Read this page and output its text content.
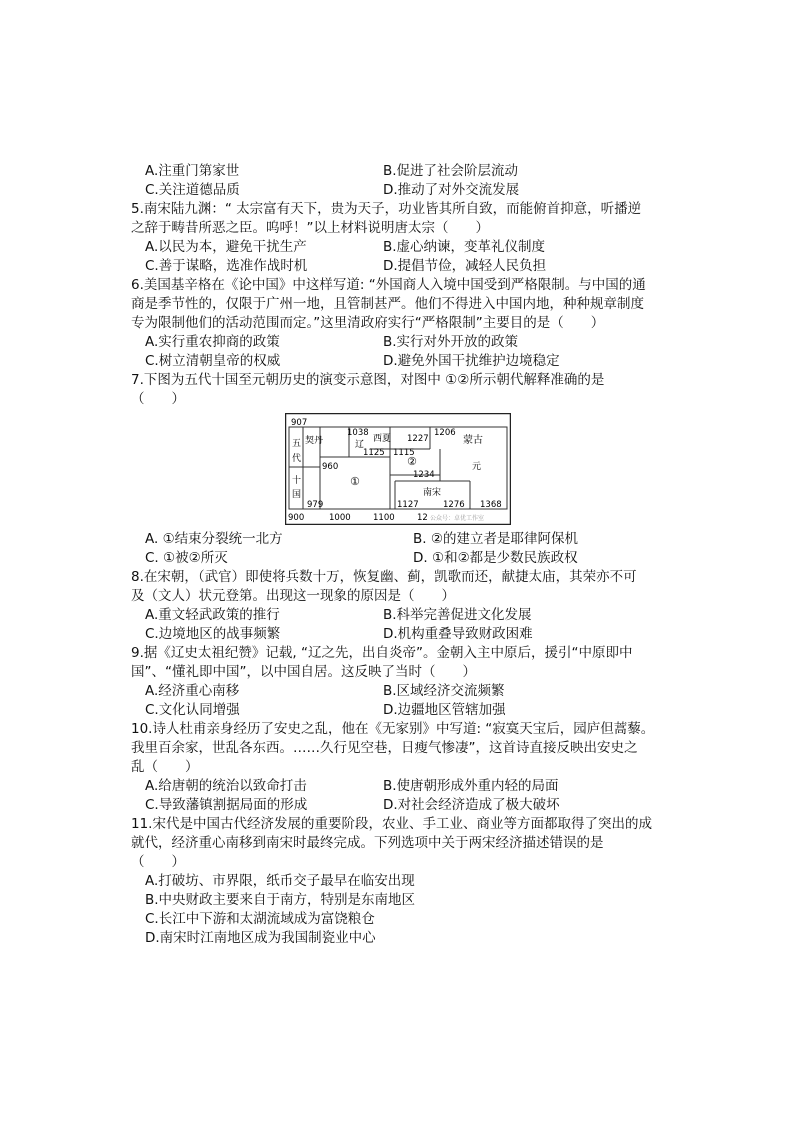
A.注重门第家世	B.促进了社会阶层流动
C.关注道德品质	D.推动了对外交流发展
5.南宋陆九渊：“ 太宗富有天下，贵为天子，功业皆其所自致，而能俯首抑意，听播逆
之辞于畴昔所恶之臣。呜呼！”以上材料说明唐太宗（　　）
A.以民为本，避免干扰生产	B.虚心纳谏，变革礼仪制度
C.善于谋略，选准作战时机	D.提倡节俭，减轻人民负担
6.美国基辛格在《论中国》中这样写道: “外国商人入境中国受到严格限制。与中国的通
商是季节性的，仅限于广州一地，且管制甚严。他们不得进入中国内地，种种规章制度
专为限制他们的活动范围而定。”这里清政府实行“严格限制”主要目的是（　　）
A.实行重农抑商的政策	B.实行对外开放的政策
C.树立清朝皇帝的权威	D.避免外国干扰维护边境稳定
7.下图为五代十国至元朝历史的演变示意图，对图中 ①②所示朝代解释准确的是
（　　）
907
五
代
契丹	辽
1038
西夏 1227
1206
蒙古
元
1125 1115
960
①
②
1234
十
国	南宋
979	1127	1276 1368
900	1000	1100	12 公众号：卓优工作室
A. ①结束分裂统一北方	B. ②的建立者是耶律阿保机
C. ①被②所灭	D. ①和②都是少数民族政权
8.在宋朝，（武官）即使将兵数十万，恢复幽、蓟，凯歌而还，献捷太庙，其荣亦不可
及（文人）状元登第。出现这一现象的原因是（　　）
A.重文轻武政策的推行	B.科举完善促进文化发展
C.边境地区的战事频繁	D.机构重叠导致财政困难
9.据《辽史太祖纪赞》记载, “辽之先，出自炎帝”。金朝入主中原后，援引“中原即中
国”、“懂礼即中国”，以中国自居。这反映了当时（　　）
A.经济重心南移	B.区域经济交流频繁
C.文化认同增强	D.边疆地区管辖加强
10.诗人杜甫亲身经历了安史之乱，他在《无家别》中写道: “寂寞天宝后，园庐但蒿藜。
我里百余家，世乱各东西。……久行见空巷，日瘦气惨凄”，这首诗直接反映出安史之
乱（　　）
A.给唐朝的统治以致命打击	B.使唐朝形成外重内轻的局面
C.导致藩镇割据局面的形成	D.对社会经济造成了极大破坏
11.宋代是中国古代经济发展的重要阶段，农业、手工业、商业等方面都取得了突出的成
就代，经济重心南移到南宋时最终完成。下列选项中关于两宋经济描述错误的是
（　　）
A.打破坊、市界限，纸币交子最早在临安出现
B.中央财政主要来自于南方，特别是东南地区
C.长江中下游和太湖流域成为富饶粮仓
D.南宋时江南地区成为我国制瓷业中心
